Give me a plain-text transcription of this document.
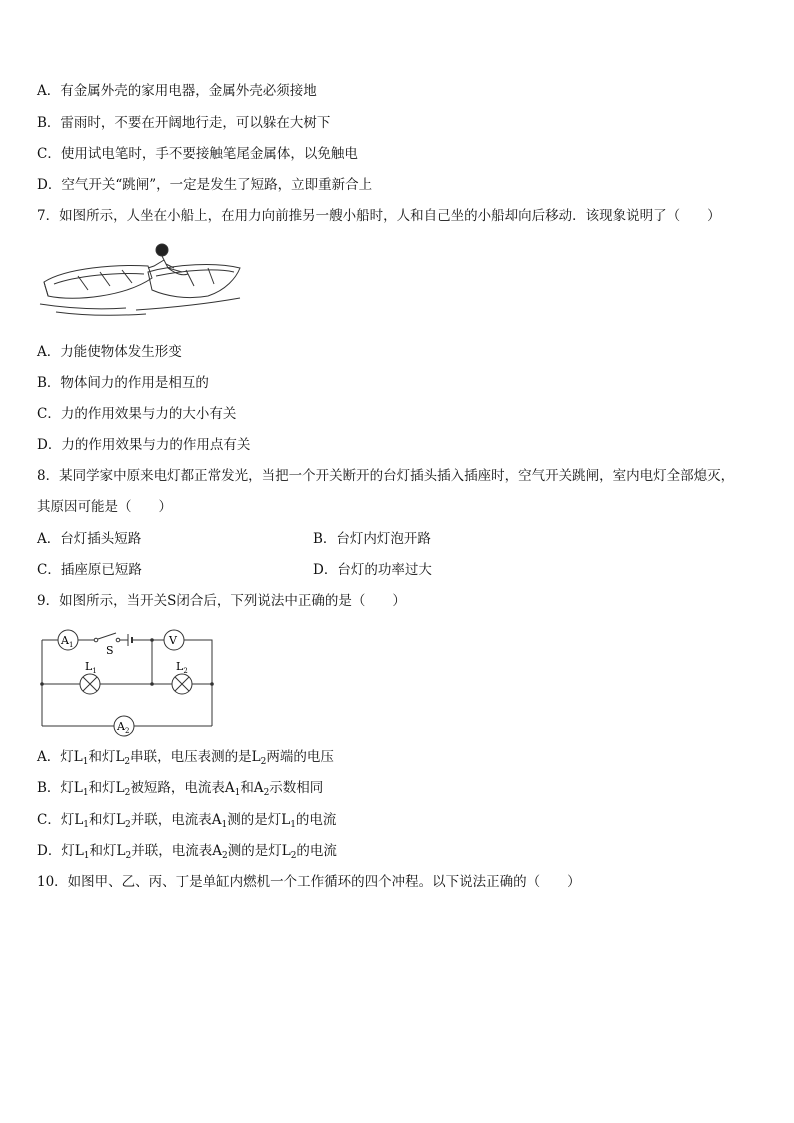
A．有金属外壳的家用电器，金属外壳必须接地
B．雷雨时，不要在开阔地行走，可以躲在大树下
C．使用试电笔时，手不要接触笔尾金属体，以免触电
D．空气开关“跳闸”，一定是发生了短路，立即重新合上
7．如图所示，人坐在小船上，在用力向前推另一艘小船时，人和自己坐的小船却向后移动．该现象说明了（　　）
A．力能使物体发生形变
B．物体间力的作用是相互的
C．力的作用效果与力的大小有关
D．力的作用效果与力的作用点有关
8．某同学家中原来电灯都正常发光，当把一个开关断开的台灯插头插入插座时，空气开关跳闸，室内电灯全部熄灭，
其原因可能是（　　）
A．台灯插头短路	B．台灯内灯泡开路
C．插座原已短路	D．台灯的功率过大
9．如图所示，当开关S闭合后，下列说法中正确的是（　　）
$A_1$	V
S
$L_1$	$L_2$
$A_2$
A．灯$L_1$和灯$L_2$串联，电压表测的是$L_2$两端的电压
B．灯$L_1$和灯$L_2$被短路，电流表$A_1$和$A_2$示数相同
C．灯$L_1$和灯$L_2$并联，电流表$A_1$测的是灯$L_1$的电流
D．灯$L_1$和灯$L_2$并联，电流表$A_2$测的是灯$L_2$的电流
10．如图甲、乙、丙、丁是单缸内燃机一个工作循环的四个冲程。以下说法正确的（　　）
